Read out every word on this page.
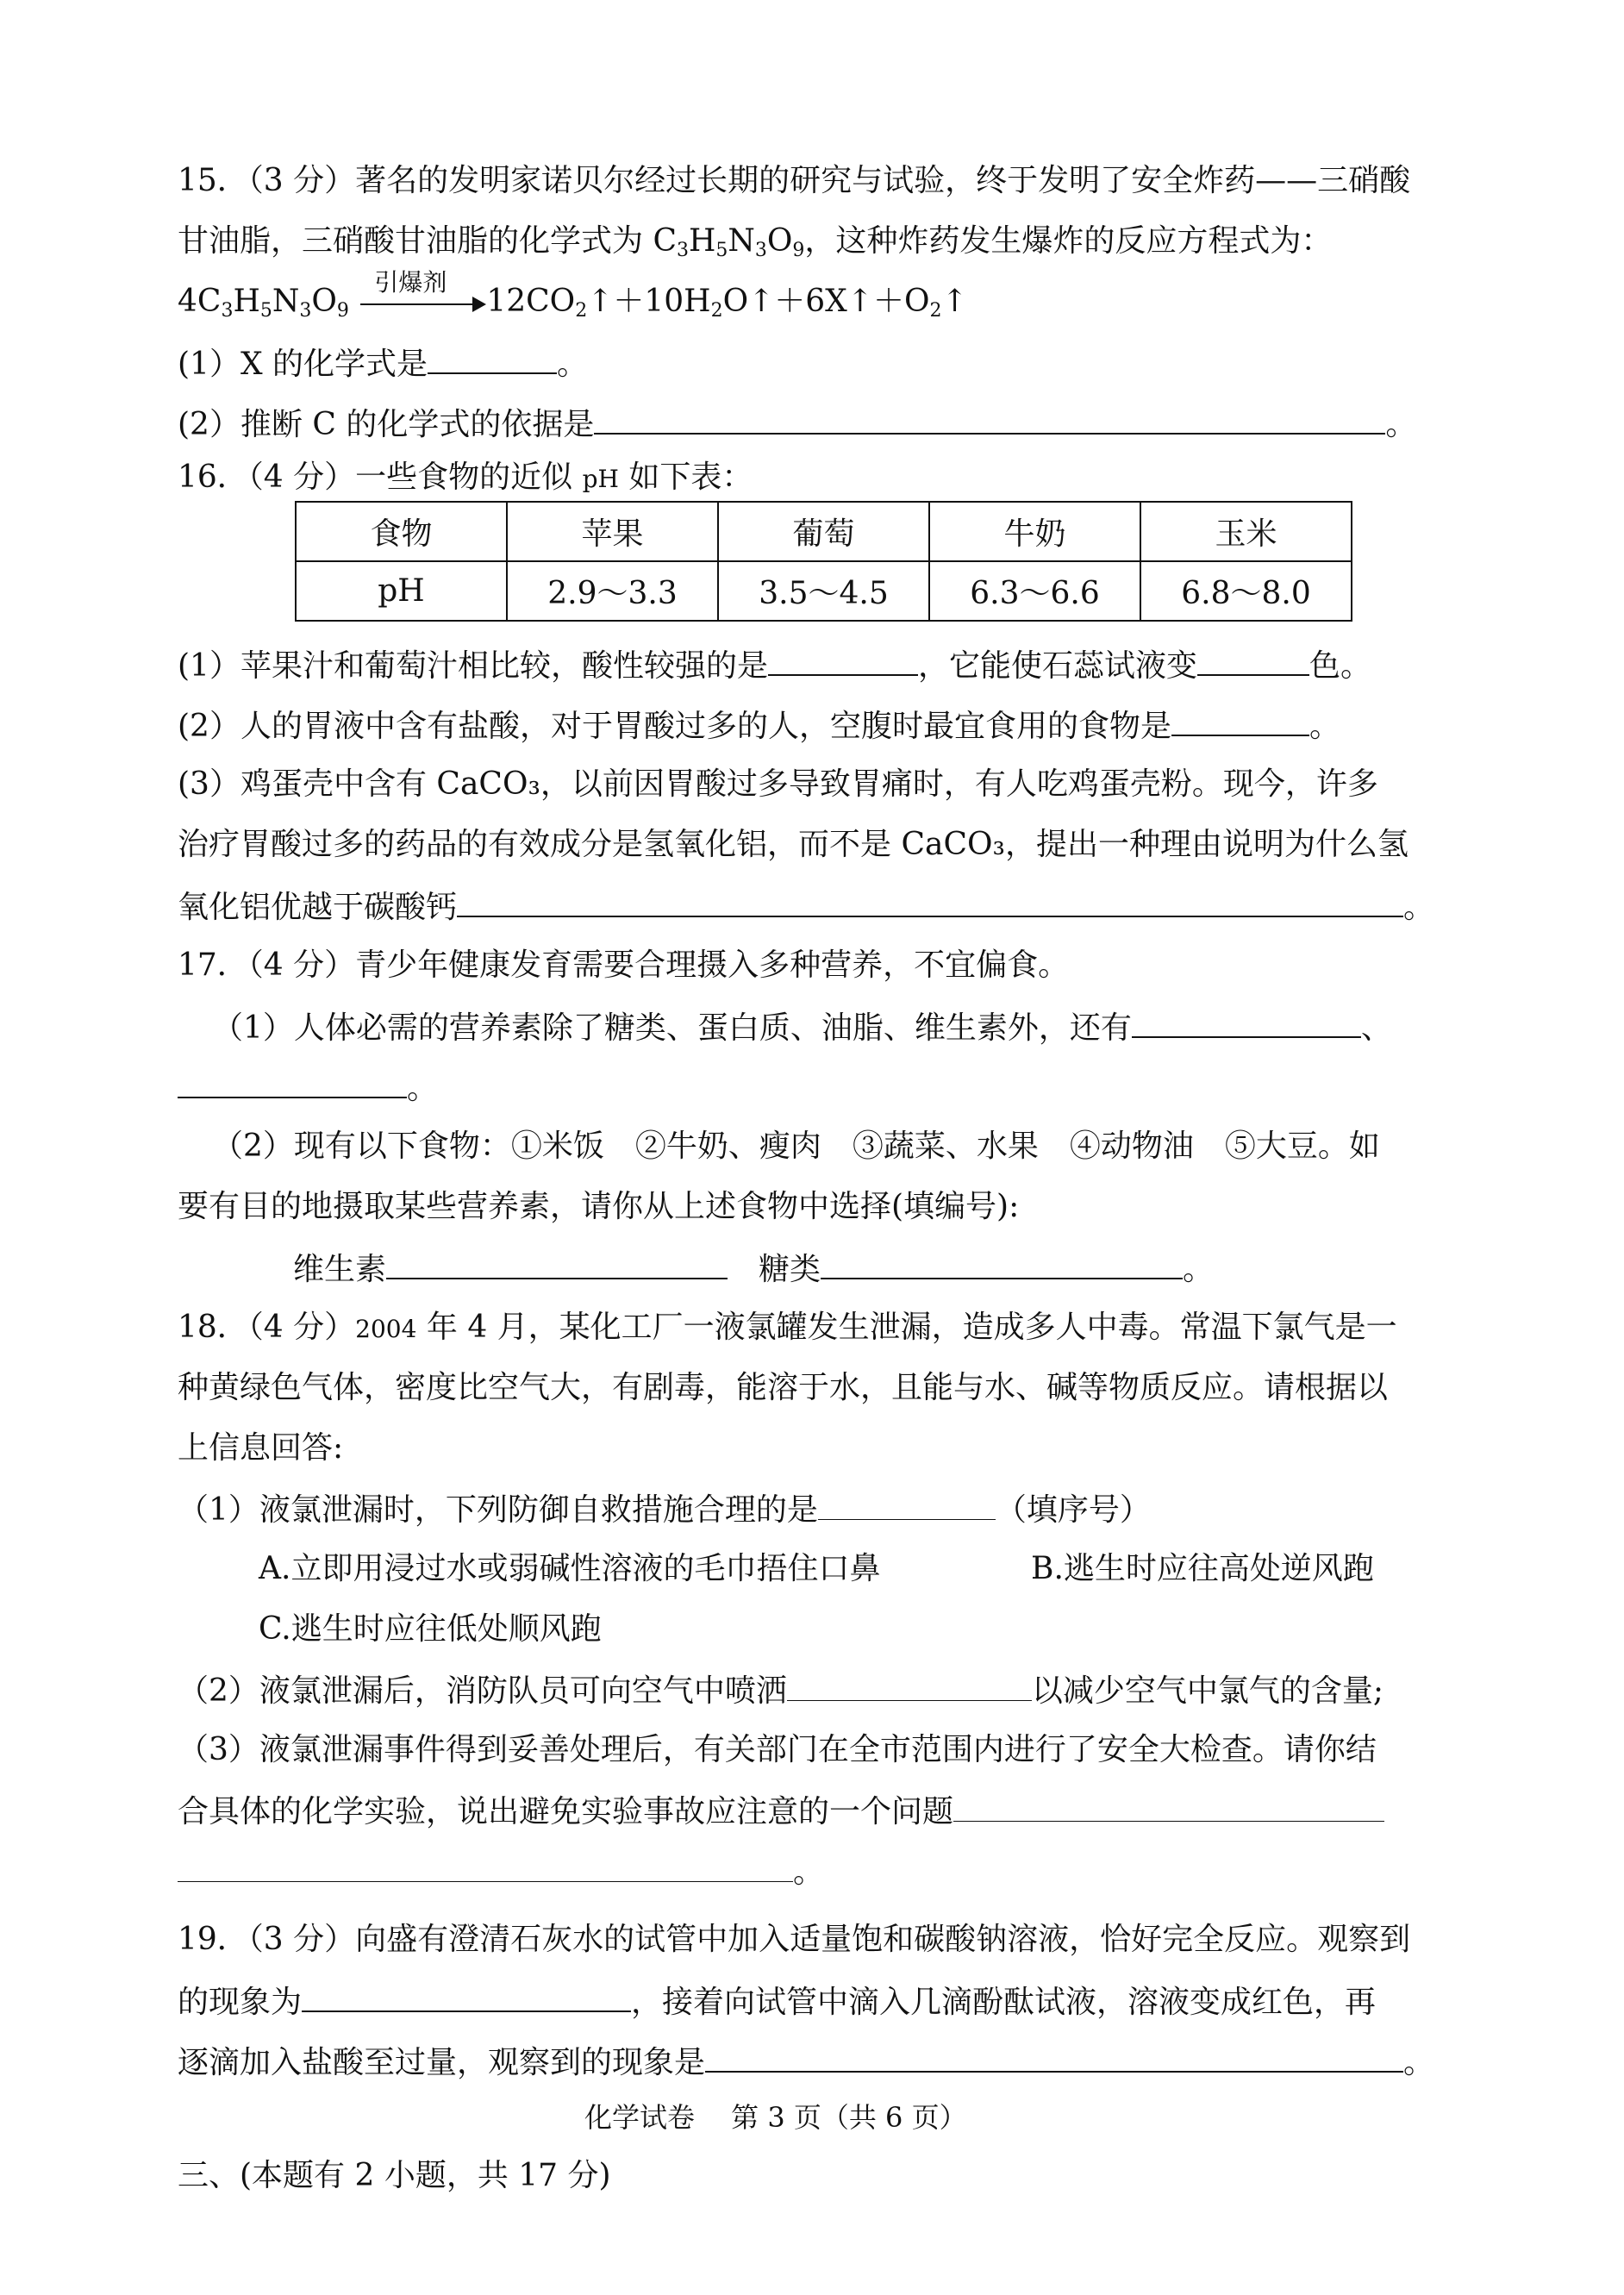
15．（3 分）著名的发明家诺贝尔经过长期的研究与试验，终于发明了安全炸药——三硝酸
甘油脂，三硝酸甘油脂的化学式为 $C_3H_5N_3O_9$，这种炸药发生爆炸的反应方程式为：
$4C_3H_5N_3O_9$
引爆剂
$12CO_2↑+10H_2O↑+6X↑+O_2↑$
(1）X 的化学式是	。
(2）推断 C 的化学式的依据是	。
16．（4 分）一些食物的近似 pH 如下表：
食物	苹果	葡萄	牛奶	玉米
pH	2.9～3.3	3.5～4.5	6.3～6.6	6.8～8.0
(1）苹果汁和葡萄汁相比较，酸性较强的是	，它能使石蕊试液变	色。
(2）人的胃液中含有盐酸，对于胃酸过多的人，空腹时最宜食用的食物是	。
(3）鸡蛋壳中含有 CaCO₃，以前因胃酸过多导致胃痛时，有人吃鸡蛋壳粉。现今，许多
治疗胃酸过多的药品的有效成分是氢氧化铝，而不是 CaCO₃，提出一种理由说明为什么氢
氧化铝优越于碳酸钙	。
17．（4 分）青少年健康发育需要合理摄入多种营养，不宜偏食。
（1）人体必需的营养素除了糖类、蛋白质、油脂、维生素外，还有	、
。
（2）现有以下食物：①米饭　②牛奶、瘦肉　③蔬菜、水果　④动物油　⑤大豆。如
要有目的地摄取某些营养素，请你从上述食物中选择(填编号):
维生素　	糖类	。
18．（4 分）2004 年 4 月，某化工厂一液氯罐发生泄漏，造成多人中毒。常温下氯气是一
种黄绿色气体，密度比空气大，有剧毒，能溶于水，且能与水、碱等物质反应。请根据以
上信息回答:
（1）液氯泄漏时，下列防御自救措施合理的是	（填序号）
A.立即用浸过水或弱碱性溶液的毛巾捂住口鼻	B.逃生时应往高处逆风跑
C.逃生时应往低处顺风跑
（2）液氯泄漏后，消防队员可向空气中喷洒	以减少空气中氯气的含量;
（3）液氯泄漏事件得到妥善处理后，有关部门在全市范围内进行了安全大检查。请你结
合具体的化学实验，说出避免实验事故应注意的一个问题
。
19．（3 分）向盛有澄清石灰水的试管中加入适量饱和碳酸钠溶液，恰好完全反应。观察到
的现象为	，接着向试管中滴入几滴酚酞试液，溶液变成红色，再
逐滴加入盐酸至过量，观察到的现象是	。
化学试卷　 第 3 页（共 6 页）
三、(本题有 2 小题，共 17 分)
